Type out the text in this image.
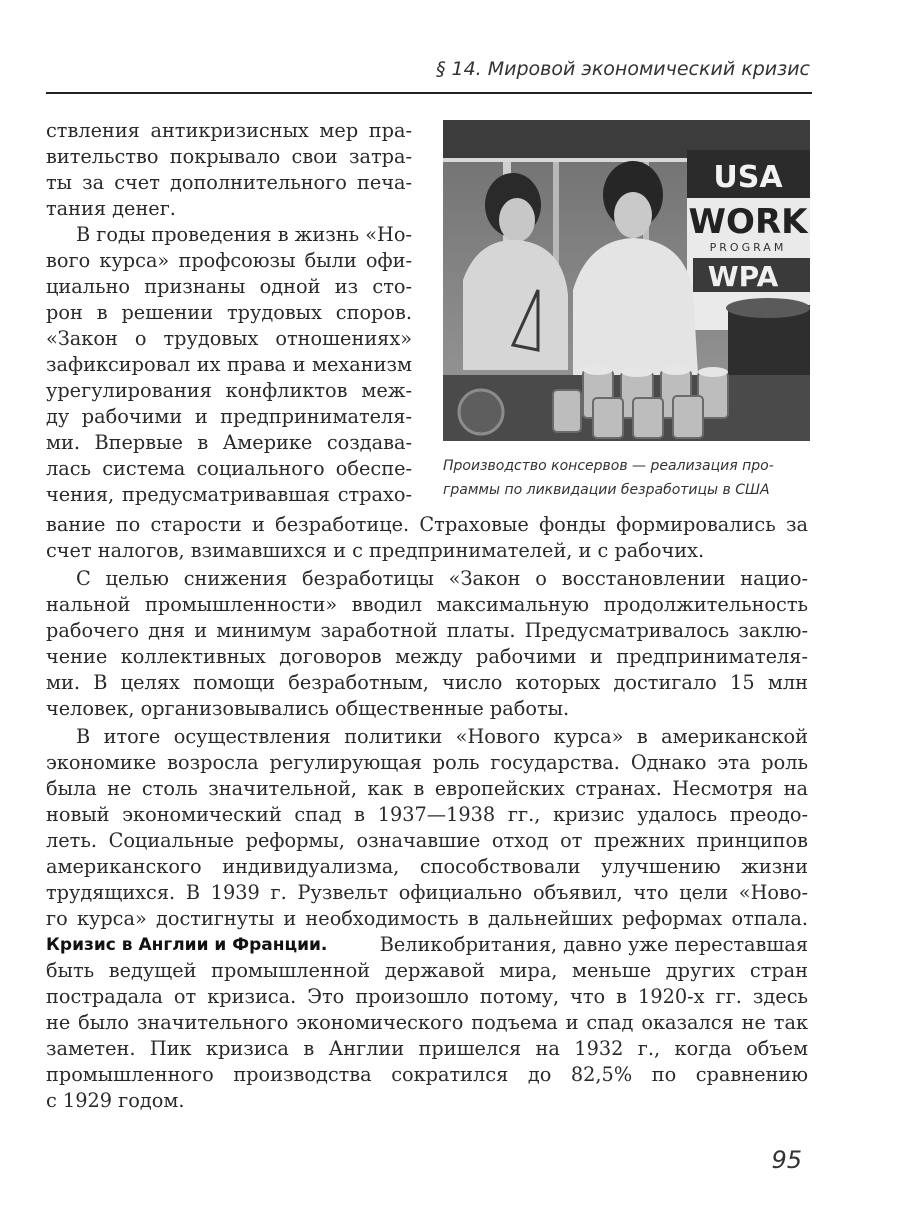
§ 14. Мировой экономический кризис
USA
WORK
PROGRAM
WPA
Производство консервов — реализация про-
граммы по ликвидации безработицы в США
ствления антикризисных мер пра-
вительство покрывало свои затра-
ты за счет дополнительного печа-
тания денег.
В годы проведения в жизнь «Но-
вого курса» профсоюзы были офи-
циально признаны одной из сто-
рон в решении трудовых споров.
«Закон о трудовых отношениях»
зафиксировал их права и механизм
урегулирования конфликтов меж-
ду рабочими и предпринимателя-
ми. Впервые в Америке создава-
лась система социального обеспе-
чения, предусматривавшая страхо-
вание по старости и безработице. Страховые фонды формировались за
счет налогов, взимавшихся и с предпринимателей, и с рабочих.
С целью снижения безработицы «Закон о восстановлении нацио-
нальной промышленности» вводил максимальную продолжительность
рабочего дня и минимум заработной платы. Предусматривалось заклю-
чение коллективных договоров между рабочими и предпринимателя-
ми. В целях помощи безработным, число которых достигало 15 млн
человек, организовывались общественные работы.
В итоге осуществления политики «Нового курса» в американской
экономике возросла регулирующая роль государства. Однако эта роль
была не столь значительной, как в европейских странах. Несмотря на
новый экономический спад в 1937—1938 гг., кризис удалось преодо-
леть. Социальные реформы, означавшие отход от прежних принципов
американского индивидуализма, способствовали улучшению жизни
трудящихся. В 1939 г. Рузвельт официально объявил, что цели «Ново-
го курса» достигнуты и необходимость в дальнейших реформах отпала.
Кризис в Англии и Франции.	Великобритания, давно уже переставшая
быть ведущей промышленной державой мира, меньше других стран
пострадала от кризиса. Это произошло потому, что в 1920-х гг. здесь
не было значительного экономического подъема и спад оказался не так
заметен. Пик кризиса в Англии пришелся на 1932 г., когда объем
промышленного производства сократился до 82,5% по сравнению
с 1929 годом.
95
